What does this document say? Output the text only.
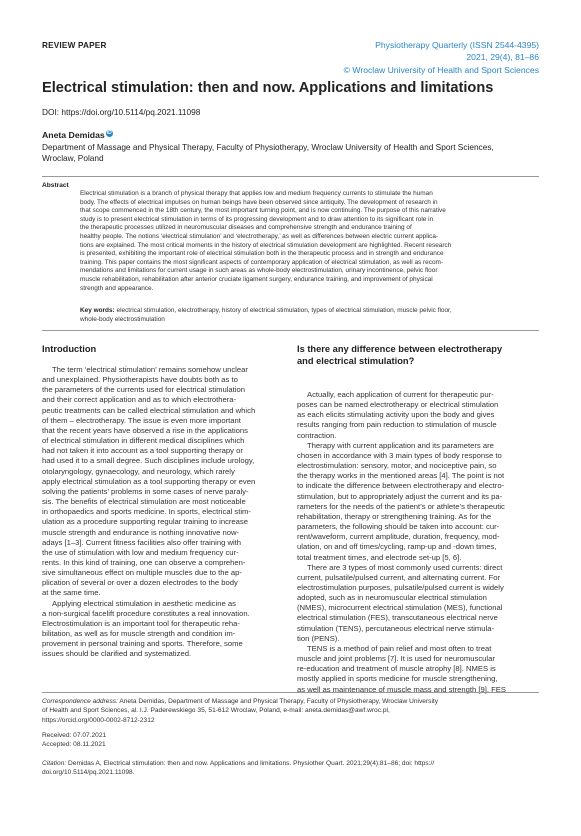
REVIEW PAPER	Physiotherapy Quarterly (ISSN 2544-4395)
2021, 29(4), 81–86
© Wroclaw University of Health and Sport Sciences
Electrical stimulation: then and now. Applications and limitations
DOI: https://doi.org/10.5114/pq.2021.11098
Aneta Demidas iD
Department of Massage and Physical Therapy, Faculty of Physiotherapy, Wroclaw University of Health and Sport Sciences,
Wroclaw, Poland
Abstract
Electrical stimulation is a branch of physical therapy that applies low and medium frequency currents to stimulate the human
body. The effects of electrical impulses on human beings have been observed since antiquity. The development of research in
that scope commenced in the 18th century, the most important turning point, and is now continuing. The purpose of this narrative
study is to present electrical stimulation in terms of its progressing development and to draw attention to its significant role in
the therapeutic processes utilized in neuromuscular diseases and comprehensive strength and endurance training of
healthy people. The notions ‘electrical stimulation’ and ‘electrotherapy,’ as well as differences between electric current applica-
tions are explained. The most critical moments in the history of electrical stimulation development are highlighted. Recent research
is presented, exhibiting the important role of electrical stimulation both in the therapeutic process and in strength and endurance
training. This paper contains the most significant aspects of contemporary application of electrical stimulation, as well as recom-
mendations and limitations for current usage in such areas as whole-body electrostimulation, urinary incontinence, pelvic floor
muscle rehabilitation, rehabilitation after anterior cruciate ligament surgery, endurance training, and improvement of physical
strength and appearance.
Key words: electrical stimulation, electrotherapy, history of electrical stimulation, types of electrical stimulation, muscle pelvic floor,
whole-body electrostimulation
Introduction
The term ‘electrical stimulation’ remains somehow unclear
and unexplained. Physiotherapists have doubts both as to
the parameters of the currents used for electrical stimulation
and their correct application and as to which electrothera-
peutic treatments can be called electrical stimulation and which
of them – electrotherapy. The issue is even more important
that the recent years have observed a rise in the applications
of electrical stimulation in different medical disciplines which
had not taken it into account as a tool supporting therapy or
had used it to a small degree. Such disciplines include urology,
otolaryngology, gynaecology, and neurology, which rarely
apply electrical stimulation as a tool supporting therapy or even
solving the patients’ problems in some cases of nerve paraly-
sis. The benefits of electrical stimulation are most noticeable
in orthopaedics and sports medicine. In sports, electrical stim-
ulation as a procedure supporting regular training to increase
muscle strength and endurance is nothing innovative now-
adays [1–3]. Current fitness facilities also offer training with
the use of stimulation with low and medium frequency cur-
rents. In this kind of training, one can observe a comprehen-
sive simultaneous effect on multiple muscles due to the ap-
plication of several or over a dozen electrodes to the body
at the same time.
Applying electrical stimulation in aesthetic medicine as
a non-surgical facelift procedure constitutes a real innovation.
Electrostimulation is an important tool for therapeutic reha-
bilitation, as well as for muscle strength and condition im-
provement in personal training and sports. Therefore, some
issues should be clarified and systematized.
Is there any difference between electrotherapy
and electrical stimulation?
Actually, each application of current for therapeutic pur-
poses can be named electrotherapy or electrical stimulation
as each elicits stimulating activity upon the body and gives
results ranging from pain reduction to stimulation of muscle
contraction.
Therapy with current application and its parameters are
chosen in accordance with 3 main types of body response to
electrostimulation: sensory, motor, and nociceptive pain, so
the therapy works in the mentioned areas [4]. The point is not
to indicate the difference between electrotherapy and electro-
stimulation, but to appropriately adjust the current and its pa-
rameters for the needs of the patient’s or athlete’s therapeutic
rehabilitation, therapy or strengthening training. As for the
parameters, the following should be taken into account: cur-
rent/waveform, current amplitude, duration, frequency, mod-
ulation, on and off times/cycling, ramp-up and -down times,
total treatment times, and electrode set-up [5, 6].
There are 3 types of most commonly used currents: direct
current, pulsatile/pulsed current, and alternating current. For
electrostimulation purposes, pulsatile/pulsed current is widely
adopted, such as in neuromuscular electrical stimulation
(NMES), microcurrent electrical stimulation (MES), functional
electrical stimulation (FES), transcutaneous electrical nerve
stimulation (TENS), percutaneous electrical nerve stimula-
tion (PENS).
TENS is a method of pain relief and most often to treat
muscle and joint problems [7]. It is used for neuromuscular
re-education and treatment of muscle atrophy [8]. NMES is
mostly applied in sports medicine for muscle strengthening,
as well as maintenance of muscle mass and strength [9]. FES
Correspondence address: Aneta Demidas, Department of Massage and Physical Therapy, Faculty of Physiotherapy, Wroclaw University
of Health and Sport Sciences, al. I.J. Paderewskiego 35, 51-612 Wroclaw, Poland, e-mail: aneta.demidas@awf.wroc.pl,
https://orcid.org/0000-0002-8712-2312
Received: 07.07.2021
Accepted: 08.11.2021
Citation: Demidas A, Electrical stimulation: then and now. Applications and limitations. Physiother Quart. 2021;29(4):81–86; doi: https://
doi.org/10.5114/pq.2021.11098.
